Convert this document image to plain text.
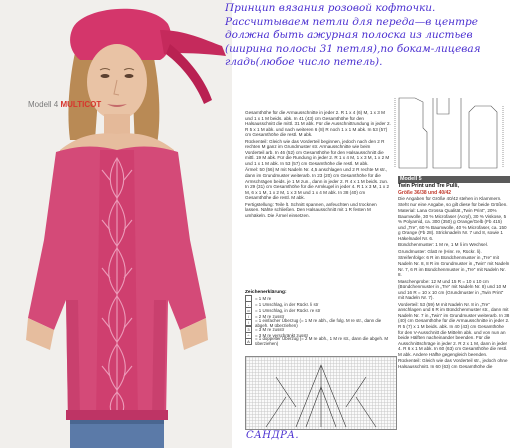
Modell 4 MULTICOT
Принцип вязания розовой кофточки. Рассчитываем петли для переда—в центре должна быть ажурная полоска из листьев (ширина полосы 31 петля),по бокам-лицевая гладь(любое число петель).

Gesamthöhe für die Armausschnitte in jeder 2. R 1 x 4 (6) M, 1 x 3 M und 1 x 1 M beids. abk. In 41 (43) cm Gesamthöhe für den Halsausschnitt die mittl. 31 M abk. Für die Ausschnittrundung in jeder 2. R 5 x 1 M abk. und nach weiteren 6 (8) R noch 1 x 1 M abk. In 53 (57) cm Gesamthöhe die restl. M abk.

Rückenteil: Gleich wie das Vorderteil beginnen, jedoch nach den 2 R rechten M ganz im Grundmuster str. Armausschnitte wie beim Vorderteil arb. In 46 (52) cm Gesamthöhe für den Halsausschnitt die mittl. 19 M abk. Für die Rundung in jeder 2. R 1 x 4 M, 1 x 3 M, 1 x 2 M und 1 x 1 M abk. In 53 (57) cm Gesamthöhe die restl. M abk.

Ärmel: 50 (56) M mit Nadeln Nr. 4,5 anschlagen und 2 R rechte M str., dann im Grundmuster weiterarb. In 23 (20) cm Gesamthöhe für die Armschrägen beids. je 1 M zun., dann in jeder 2. R 4 x 1 M beids. zun. In 29 (31) cm Gesamthöhe für die Armkugel in jeder 4. R 1 x 3 M, 1 x 2 M, 6 x 1 M, 1 x 2 M, 1 x 3 M und 1 x 4 M abk. In 38 (40) cm Gesamthöhe die restl. M abk.

Fertigstellung: Teile lt. Schnitt spannen, anfeuchten und trocknen lassen. Nähte schließen. Den Halsausschnitt mit 1 R festen M umhäkeln. Die Ärmel einsetzen.

Zeichenerklärung:
= 1 M re
-	= 1 Umschlag, in der Rückr. li str
o	= 1 Umschlag, in der Rückr. re str
/	= 2 M re zusstr
\	= 1 einfacher Überzug (= 1 M re abh., die folg. M re str., dann die abgeh. M überziehen)
3	= 3 M re zusstr
^	= 3 M re verschränkt zusstr
A	= 1 doppelter Überzug (= 2 M re abh., 1 M re str., dann die abgeh. M überziehen)
Modell 5
Twin Print und Tre Pulli,
Größe 36/38 und 40/42

Die Angaben für Größe 40/42 stehen in Klammern. Steht nur eine Angabe, so gilt diese für beide Größen.

Material: Lana Grossa Qualität „Twin Print“, 20% Baumwolle, 30 % Microfaser (Acryl), 30 % Viskose, 5 % Polyamid, ca. 300 (350) g Orange/Gelb (Fb 415) und „Tre“, 60 % Baumwolle, 40 % Microfaser, ca. 150 g Orange (Fb 28). Stricknadeln Nr. 7 und 8, sowie 1 Häkelnadel Nr. 6.

Bündchenmuster: 1 M re, 1 M li im Wechsel.

Grundmuster: Glatt re (Hinr. re, Rückr. li).

Streifenfolge: 6 R im Bündchenmuster in „Tre“ mit Nadeln Nr. 8, 8 R im Grundmuster in „Twin“ mit Nadeln Nr. 7, 6 R im Bündchenmuster in „Tre“ mit Nadeln Nr. 8.

Maschenprobe: 12 M und 15 R = 10 x 10 cm (Bündchenmuster in „Tre“ mit Nadeln Nr. 8) und 10 M und 16 R = 10 x 10 cm (Grundmuster in „Twin Print“ mit Nadeln Nr. 7).

Vorderteil: 53 (59) M mit Nadeln Nr. 8 in „Tre“ anschlagen und 6 R im Bündchenmuster str., dann mit Nadeln Nr. 7 in „Twin“ im Grundmuster weiterarb. In 38 (40) cm Gesamthöhe für die Armausschnitte in jeder 2. R 5 (7) x 1 M beids. abk. In 40 (43) cm Gesamthöhe für den V-Ausschnitt die Mittelm abk. und von nun an beide Hälften nacheinander beenden. Für die Ausschnittschräge in jeder 2. R 2 x 1 M, dann in jeder 4. R 6 x 1 M abk. In 60 (63) cm Gesamthöhe die restl. M abk. Andere Hälfte gegengleich beenden.

Rückenteil: Gleich wie das Vorderteil str., jedoch ohne Halsausschnitt. In 60 (63) cm Gesamthöhe die

САНДРА.
